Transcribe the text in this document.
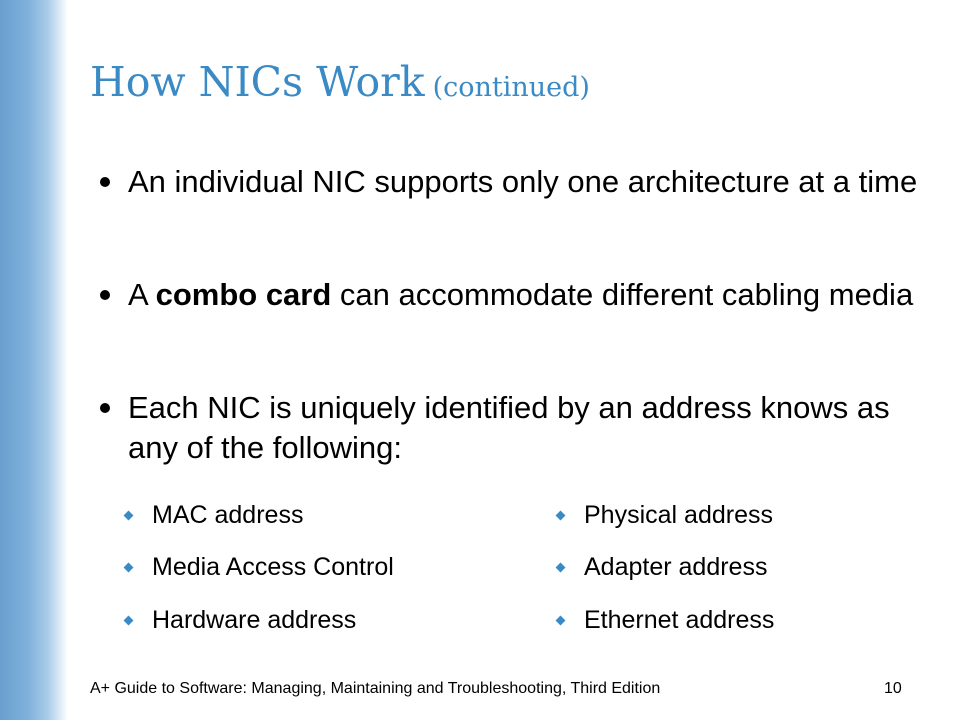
How NICs Work (continued)
An individual NIC supports only one architecture at a time
A combo card can accommodate different cabling media
Each NIC is uniquely identified by an address knows as any of the following:
MAC address
Media Access Control
Hardware address
Physical address
Adapter address
Ethernet address
A+ Guide to Software: Managing, Maintaining and Troubleshooting, Third Edition	10
